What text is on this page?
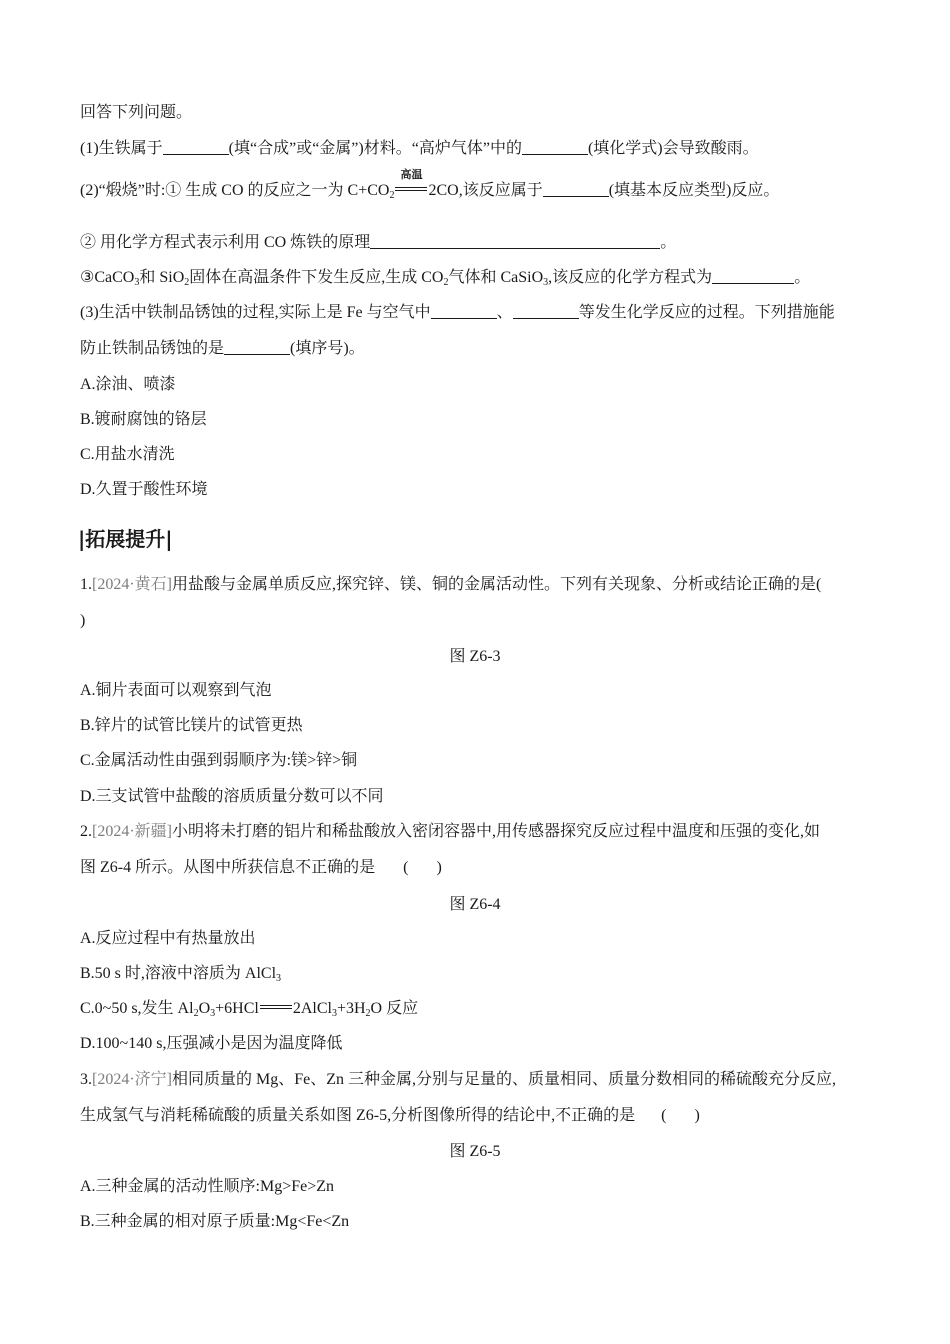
回答下列问题。
(1)生铁属于	(填“合成”或“金属”)材料。“高炉气体”中的	(填化学式)会导致酸雨。
(2)“煅烧”时:① 生成 CO 的反应之一为 $C+CO_2$
高温
2CO,该反应属于	(填基本反应类型)反应。
② 用化学方程式表示利用 CO 炼铁的原理	。
③CaCO$_3$和 SiO$_2$固体在高温条件下发生反应,生成 $CO_2$气体和 CaSiO$_3$,该反应的化学方程式为	。
(3)生活中铁制品锈蚀的过程,实际上是 Fe 与空气中	、	等发生化学反应的过程。下列措施能
防止铁制品锈蚀的是	(填序号)。
A.涂油、喷漆
B.镀耐腐蚀的铬层
C.用盐水清洗
D.久置于酸性环境
|拓展提升|
1.[2024·黄石]用盐酸与金属单质反应,探究锌、镁、铜的金属活动性。下列有关现象、分析或结论正确的是(
)
图 Z6-3
A.铜片表面可以观察到气泡
B.锌片的试管比镁片的试管更热
C.金属活动性由强到弱顺序为:镁>锌>铜
D.三支试管中盐酸的溶质质量分数可以不同
2.[2024·新疆]小明将未打磨的铝片和稀盐酸放入密闭容器中,用传感器探究反应过程中温度和压强的变化,如
图 Z6-4 所示。从图中所获信息不正确的是 ( )
图 Z6-4
A.反应过程中有热量放出
B.50 s 时,溶液中溶质为 AlCl$_3$
C.0~50 s,发生 $Al_2O_3+6HCl$ $2AlCl_3+3H_2O$ 反应
D.100~140 s,压强减小是因为温度降低
3.[2024·济宁]相同质量的 Mg、Fe、Zn 三种金属,分别与足量的、质量相同、质量分数相同的稀硫酸充分反应,
生成氢气与消耗稀硫酸的质量关系如图 Z6-5,分析图像所得的结论中,不正确的是 ( )
图 Z6-5
A.三种金属的活动性顺序:Mg>Fe>Zn
B.三种金属的相对原子质量:Mg<Fe<Zn
